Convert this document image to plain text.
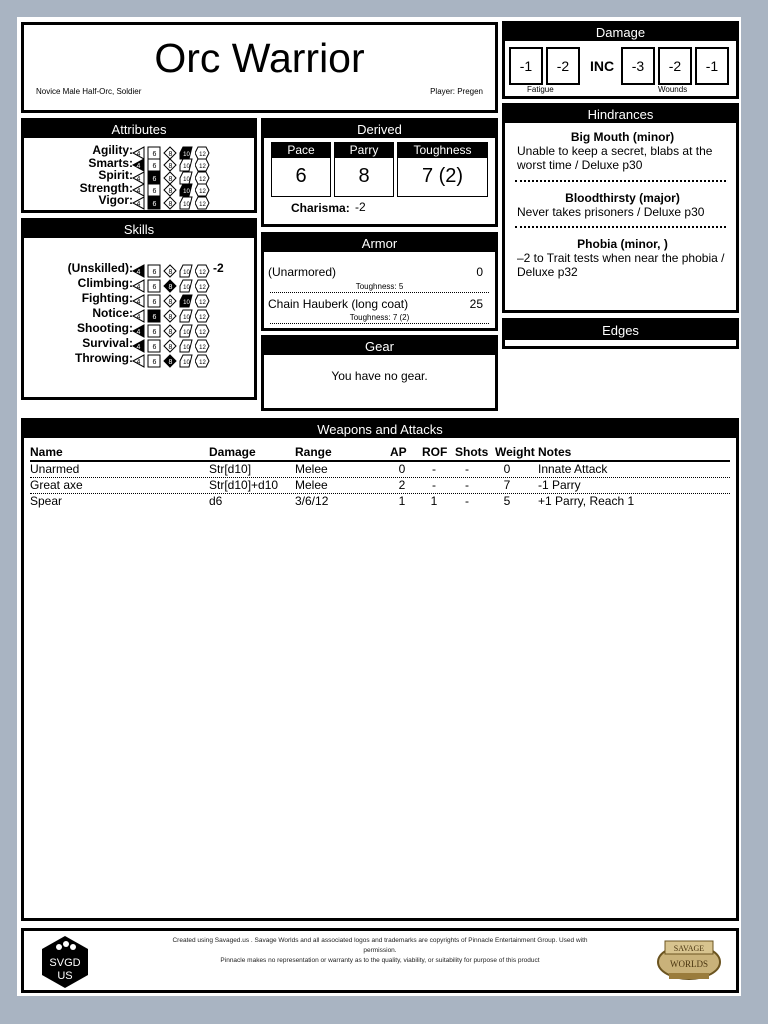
Orc Warrior
Novice Male Half-Orc, Soldier	Player: Pregen
Damage
-1	-2	INC	-3	-2	-1
Fatigue	Wounds
Attributes
Agility: 4 6 8 10 12
Smarts: 4 6 8 10 12
Spirit: 4 6 8 10 12
Strength: 4 6 8 10 12
Vigor: 4 6 8 10 12
Derived
Pace
6
Parry
8
Toughness
7 (2)
Charisma: -2
Hindrances
Big Mouth (minor)
Unable to keep a secret, blabs at the worst time / Deluxe p30
Bloodthirsty (major)
Never takes prisoners / Deluxe p30
Phobia (minor, )
–2 to Trait tests when near the phobia / Deluxe p32
Skills
(Unskilled): 4 6 8 10 12 -2
Climbing: 4 6 8 10 12
Fighting: 4 6 8 10 12
Notice: 4 6 8 10 12
Shooting: 4 6 8 10 12
Survival: 4 6 8 10 12
Throwing: 4 6 8 10 12
Armor
(Unarmored)	0
Toughness: 5
Chain Hauberk (long coat)	25
Toughness: 7 (2)
Edges
Gear
You have no gear.
Weapons and Attacks
Name	Damage	Range	AP ROF Shots Weight Notes
Unarmed	Str[d10]	Melee	0	-	-	0	Innate Attack
Great axe	Str[d10]+d10 Melee	2	-	-	7	-1 Parry
Spear	d6	3/6/12	1	1	-	5	+1 Parry, Reach 1
SVGD
US
Created using Savaged.us . Savage Worlds and all associated logos and trademarks are copyrights of Pinnacle Entertainment Group. Used with permission.
Pinnacle makes no representation or warranty as to the quality, viability, or suitability for purpose of this product
SAVAGE
WORLDS
